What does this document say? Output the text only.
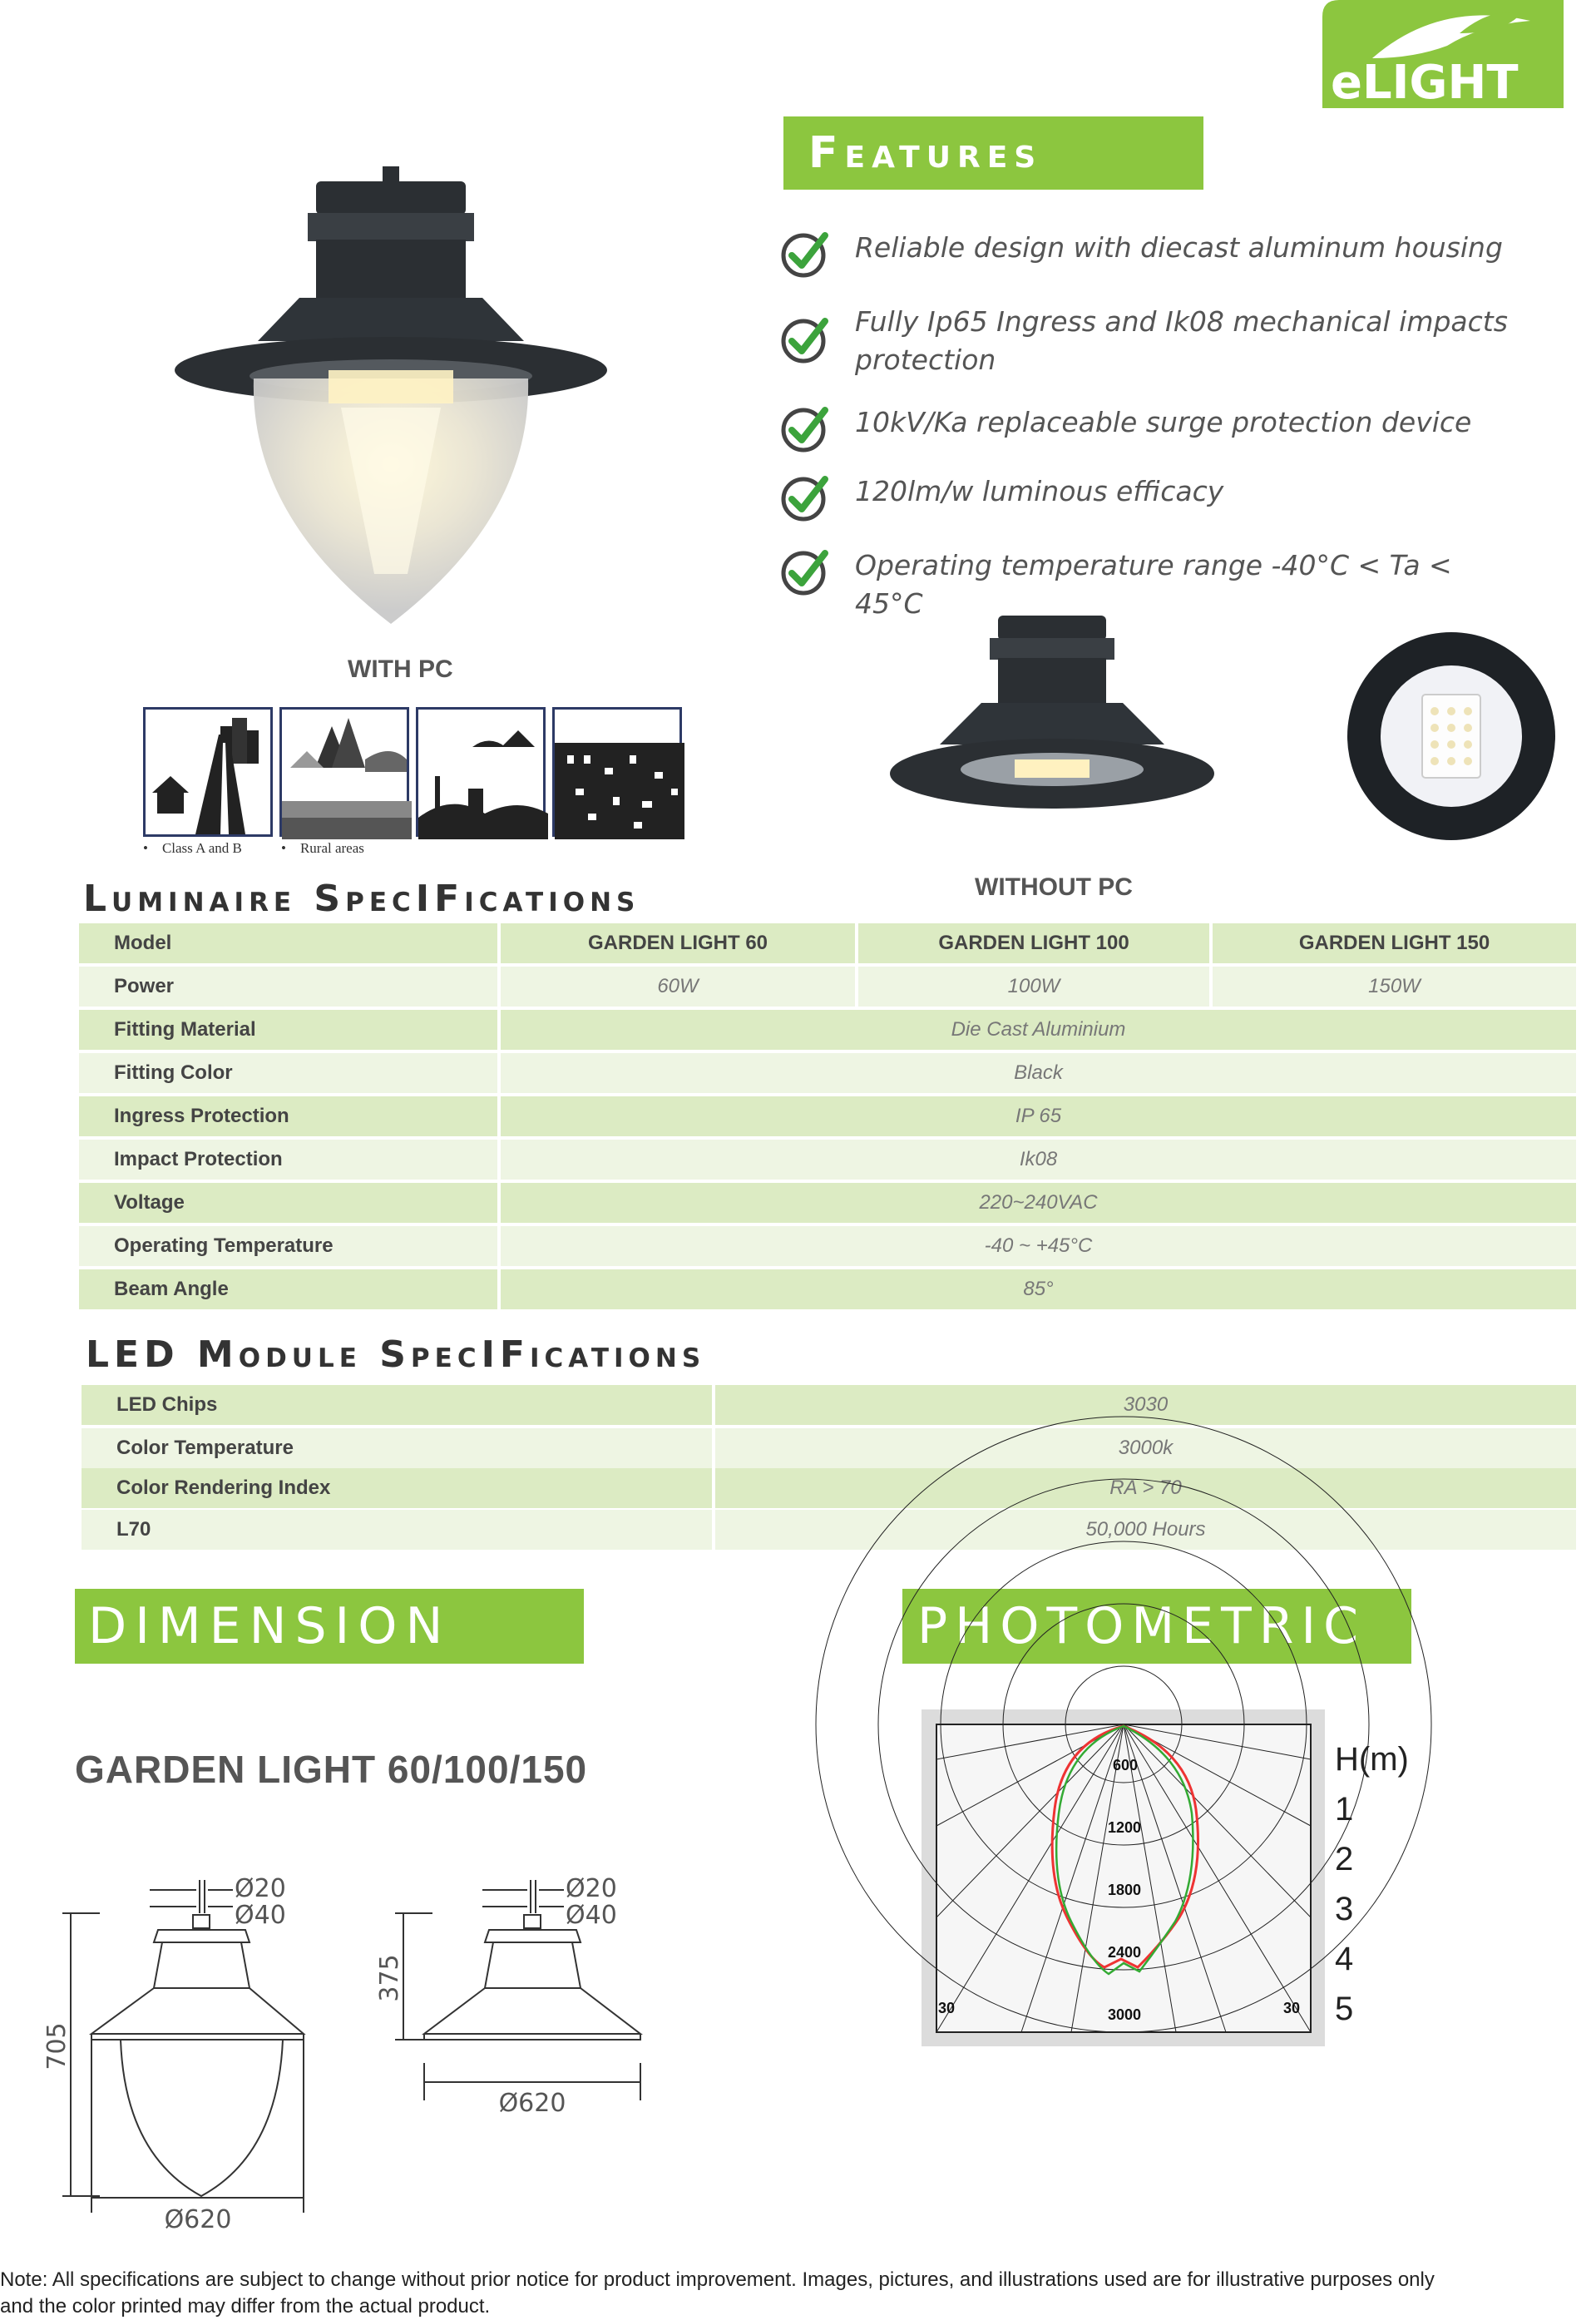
eLIGHT
Features
Reliable design with diecast aluminum housing
Fully Ip65 Ingress and Ik08 mechanical impacts protection
10kV/Ka replaceable surge protection device
120lm/w luminous efficacy
Operating temperature range -40°C < Ta < 45°C
WITH PC
•    Class A and B	•    Rural areas
WITHOUT PC
Luminaire SpecIFications
Model	GARDEN LIGHT 60	GARDEN LIGHT 100	GARDEN LIGHT 150
Power	60W	100W	150W
Fitting Material	Die Cast Aluminium
Fitting Color	Black
Ingress Protection	IP 65
Impact Protection	Ik08
Voltage	220~240VAC
Operating Temperature	-40 ~ +45°C
Beam Angle	85°
LED Module SpecIFications
LED Chips	3030
Color Temperature	3000k
Color Rendering Index	RA > 70
L70	50,000 Hours
DIMENSION	PHOTOMETRIC
GARDEN LIGHT 60/100/150
Ø20
Ø40
Ø20
Ø40
705
375
Ø620
Ø620
600
1200
1800
2400
3000
30	30
H(m)
1
2
3
4
5
Note: All specifications are subject to change without prior notice for product improvement. Images, pictures, and illustrations used are for illustrative purposes only
and the color printed may differ from the actual product.
